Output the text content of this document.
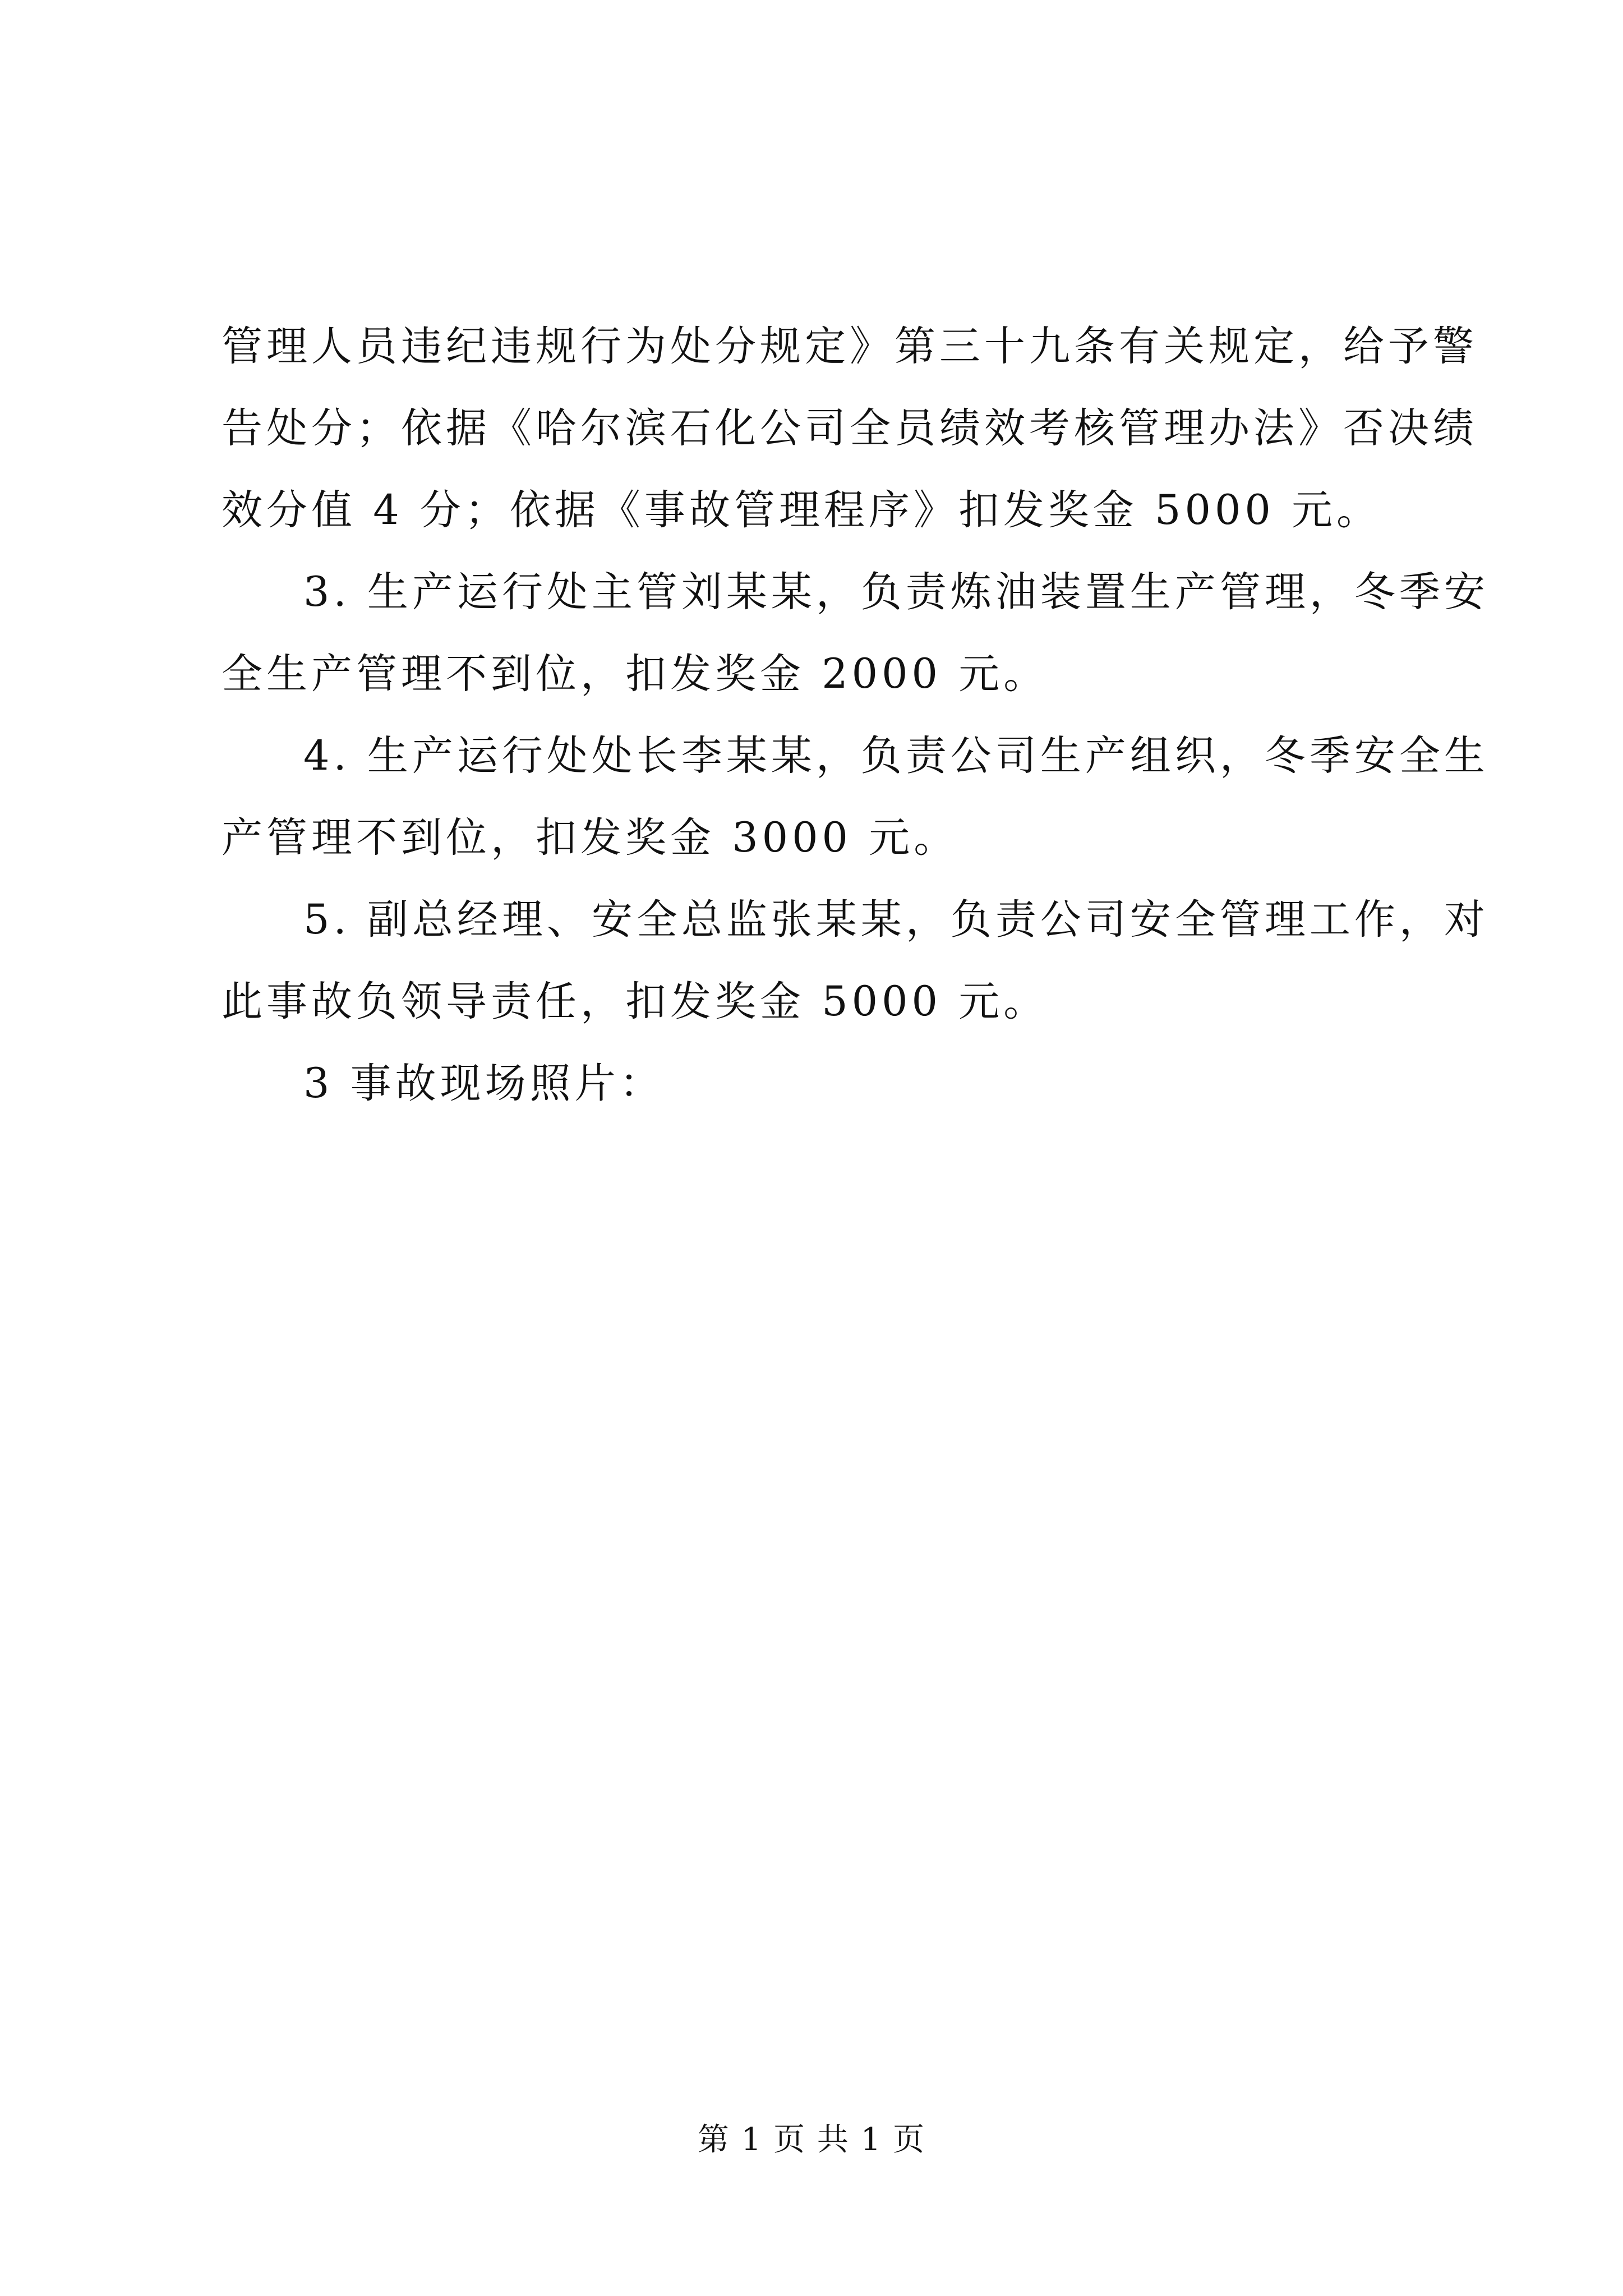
管理人员违纪违规行为处分规定》第三十九条有关规定，给予警
告处分；依据《哈尔滨石化公司全员绩效考核管理办法》否决绩
效分值 4 分；依据《事故管理程序》扣发奖金 5000 元。
3. 生产运行处主管刘某某，负责炼油装置生产管理，冬季安
全生产管理不到位，扣发奖金 2000 元。
4. 生产运行处处长李某某，负责公司生产组织，冬季安全生
产管理不到位，扣发奖金 3000 元。
5. 副总经理、安全总监张某某，负责公司安全管理工作，对
此事故负领导责任，扣发奖金 5000 元。
3 事故现场照片：
第 1 页 共 1 页
